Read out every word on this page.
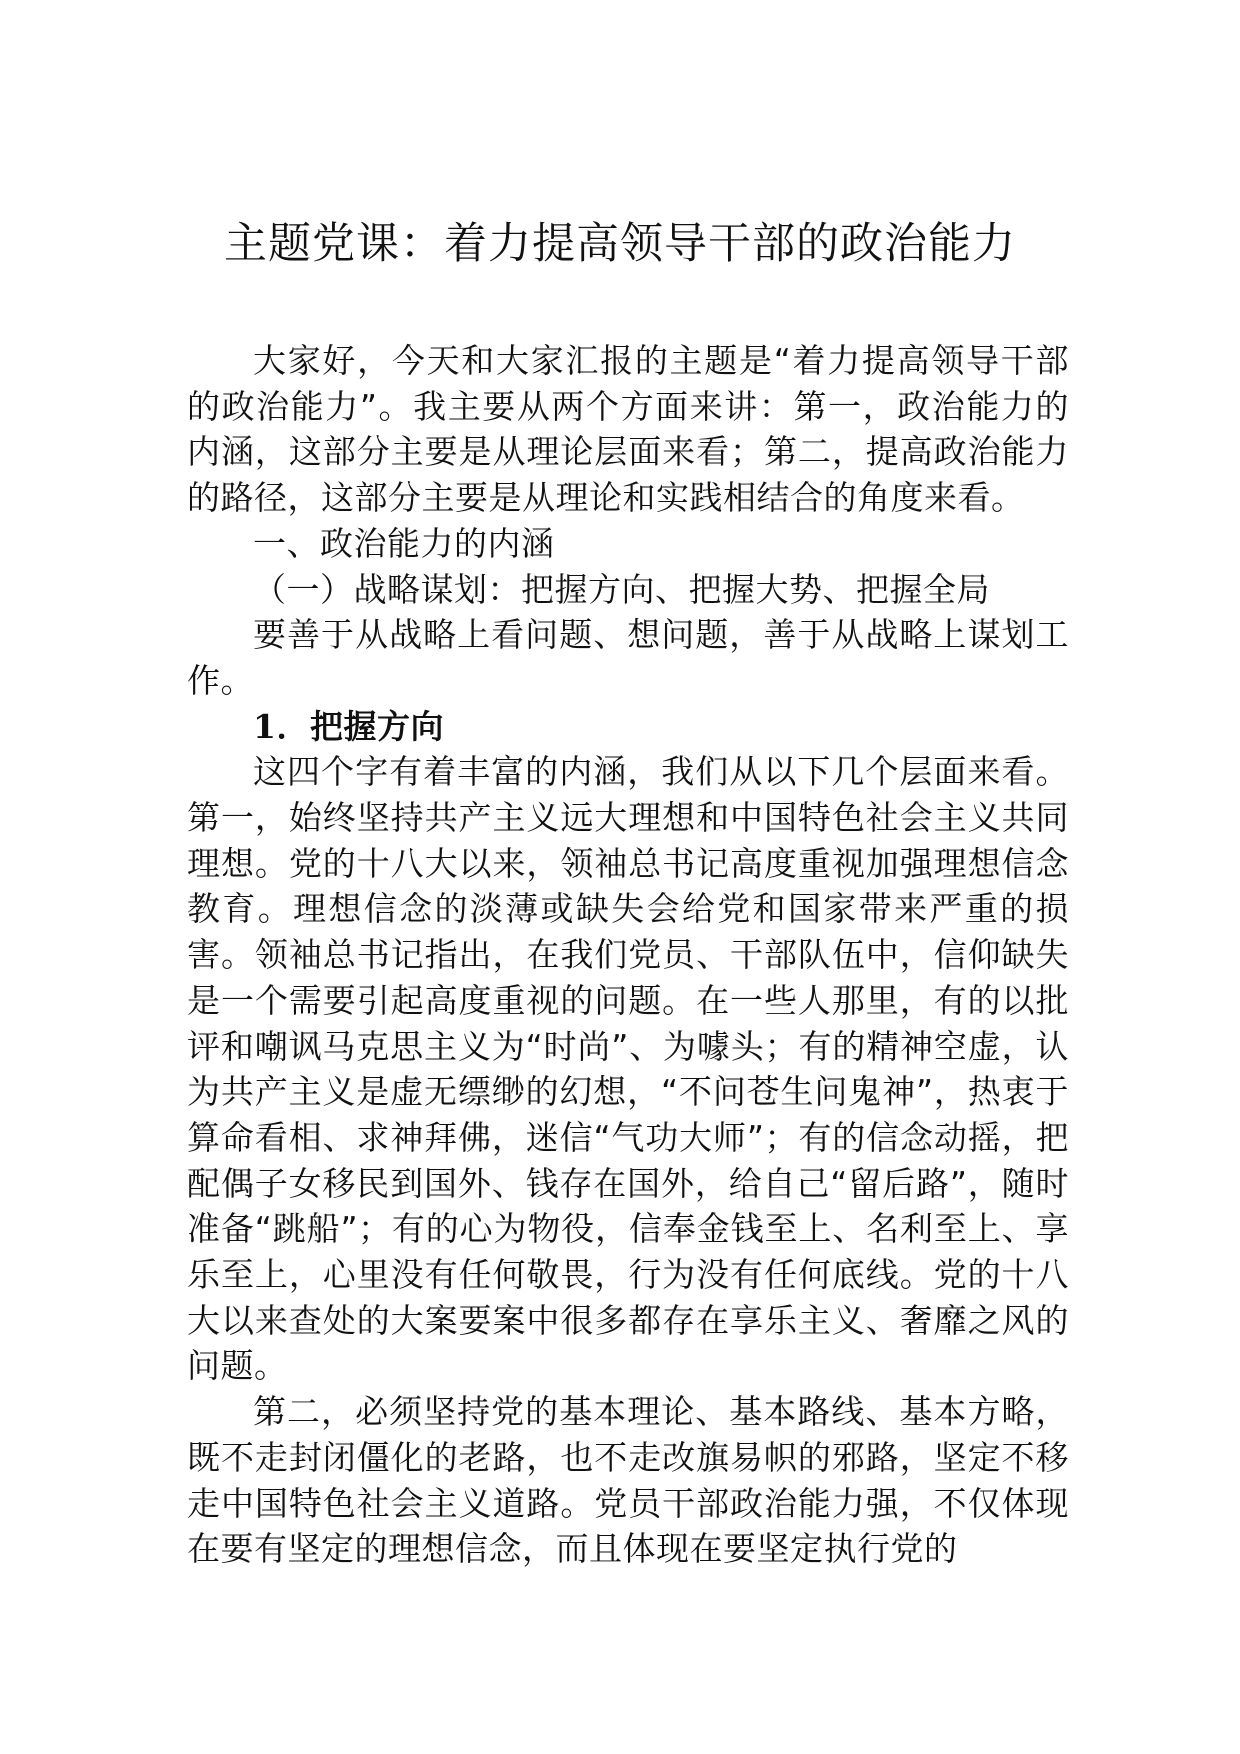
主题党课：着力提高领导干部的政治能力

大家好，今天和大家汇报的主题是“着力提高领导干部的政治能力”。我主要从两个方面来讲：第一，政治能力的内涵，这部分主要是从理论层面来看；第二，提高政治能力的路径，这部分主要是从理论和实践相结合的角度来看。

一、政治能力的内涵

（一）战略谋划：把握方向、把握大势、把握全局

要善于从战略上看问题、想问题，善于从战略上谋划工作。

1．把握方向

这四个字有着丰富的内涵，我们从以下几个层面来看。第一，始终坚持共产主义远大理想和中国特色社会主义共同理想。党的十八大以来，领袖总书记高度重视加强理想信念教育。理想信念的淡薄或缺失会给党和国家带来严重的损害。领袖总书记指出，在我们党员、干部队伍中，信仰缺失是一个需要引起高度重视的问题。在一些人那里，有的以批评和嘲讽马克思主义为“时尚”、为噱头；有的精神空虚，认为共产主义是虚无缥缈的幻想，“不问苍生问鬼神”，热衷于算命看相、求神拜佛，迷信“气功大师”；有的信念动摇，把配偶子女移民到国外、钱存在国外，给自己“留后路”，随时准备“跳船”；有的心为物役，信奉金钱至上、名利至上、享乐至上，心里没有任何敬畏，行为没有任何底线。党的十八大以来查处的大案要案中很多都存在享乐主义、奢靡之风的问题。

第二，必须坚持党的基本理论、基本路线、基本方略，既不走封闭僵化的老路，也不走改旗易帜的邪路，坚定不移走中国特色社会主义道路。党员干部政治能力强，不仅体现在要有坚定的理想信念，而且体现在要坚定执行党的
